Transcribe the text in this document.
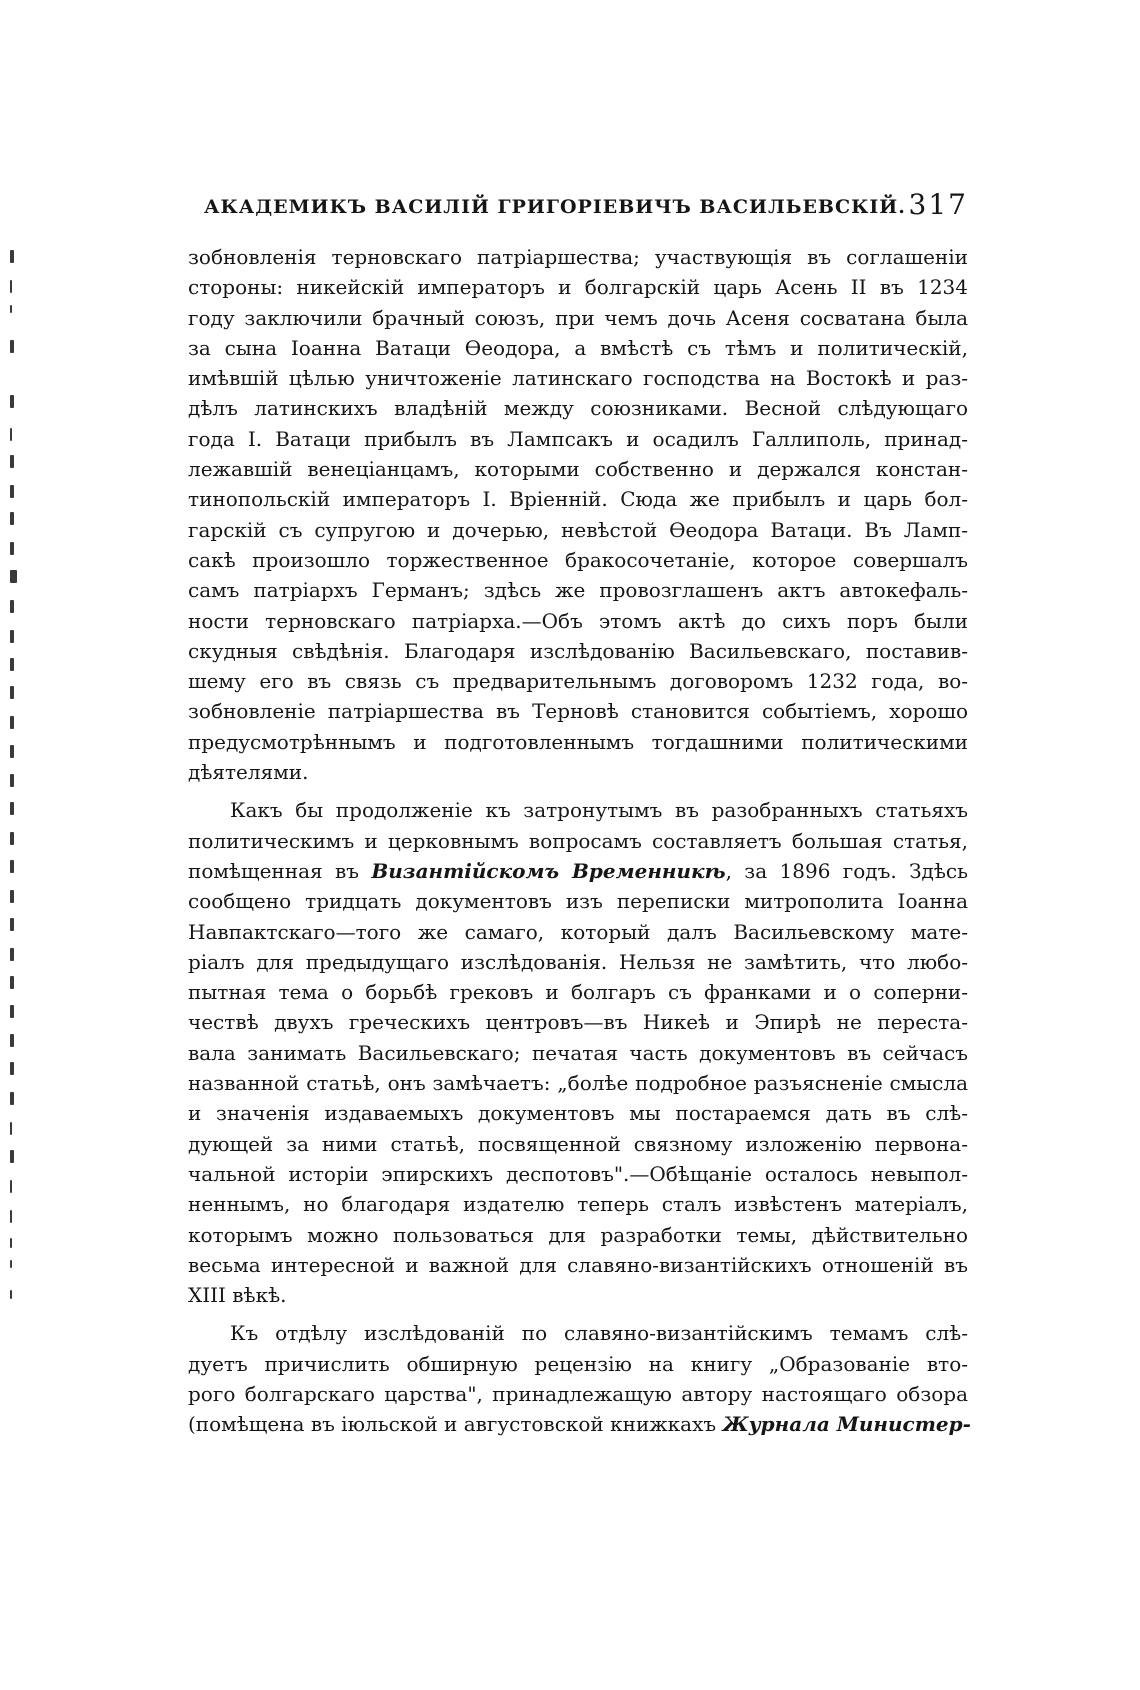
АКАДЕМИКЪ ВАСИЛІЙ ГРИГОРІЕВИЧЪ ВАСИЛЬЕВСКІЙ. 317
зобновленія терновскаго патріаршества; участвующія въ соглашеніи
стороны: никейскій императоръ и болгарскій царь Асень II въ 1234
году заключили брачный союзъ, при чемъ дочь Асеня сосватана была
за сына Іоанна Ватаци Өеодора, а вмѣстѣ съ тѣмъ и политическій,
имѣвшій цѣлью уничтоженіе латинскаго господства на Востокѣ и раз-
дѣлъ латинскихъ владѣній между союзниками. Весной слѣдующаго
года І. Ватаци прибылъ въ Лампсакъ и осадилъ Галлиполь, принад-
лежавшій венеціанцамъ, которыми собственно и держался констан-
тинопольскій императоръ І. Вріенній. Сюда же прибылъ и царь бол-
гарскій съ супругою и дочерью, невѣстой Өеодора Ватаци. Въ Ламп-
сакѣ произошло торжественное бракосочетаніе, которое совершалъ
самъ патріархъ Германъ; здѣсь же провозглашенъ актъ автокефаль-
ности терновскаго патріарха.—Объ этомъ актѣ до сихъ поръ были
скудныя свѣдѣнія. Благодаря изслѣдованію Васильевскаго, поставив-
шему его въ связь съ предварительнымъ договоромъ 1232 года, во-
зобновленіе патріаршества въ Терновѣ становится событіемъ, хорошо
предусмотрѣннымъ и подготовленнымъ тогдашними политическими
дѣятелями.
Какъ бы продолженіе къ затронутымъ въ разобранныхъ статьяхъ
политическимъ и церковнымъ вопросамъ составляетъ большая статья,
помѣщенная въ Византійскомъ Временникѣ, за 1896 годъ. Здѣсь
сообщено тридцать документовъ изъ переписки митрополита Іоанна
Навпактскаго—того же самаго, который далъ Васильевскому мате-
ріалъ для предыдущаго изслѣдованія. Нельзя не замѣтить, что любо-
пытная тема о борьбѣ грековъ и болгаръ съ франками и о соперни-
чествѣ двухъ греческихъ центровъ—въ Никеѣ и Эпирѣ не переста-
вала занимать Васильевскаго; печатая часть документовъ въ сейчасъ
названной статьѣ, онъ замѣчаетъ: „болѣе подробное разъясненіе смысла
и значенія издаваемыхъ документовъ мы постараемся дать въ слѣ-
дующей за ними статьѣ, посвященной связному изложенію первона-
чальной исторіи эпирскихъ деспотовъ".—Обѣщаніе осталось невыпол-
неннымъ, но благодаря издателю теперь сталъ извѣстенъ матеріалъ,
которымъ можно пользоваться для разработки темы, дѣйствительно
весьма интересной и важной для славяно-византійскихъ отношеній въ
XIII вѣкѣ.
Къ отдѣлу изслѣдованій по славяно-византійскимъ темамъ слѣ-
дуетъ причислить обширную рецензію на книгу „Образованіе вто-
рого болгарскаго царства", принадлежащую автору настоящаго обзора
(помѣщена въ іюльской и августовской книжкахъ Журнала Министер-
